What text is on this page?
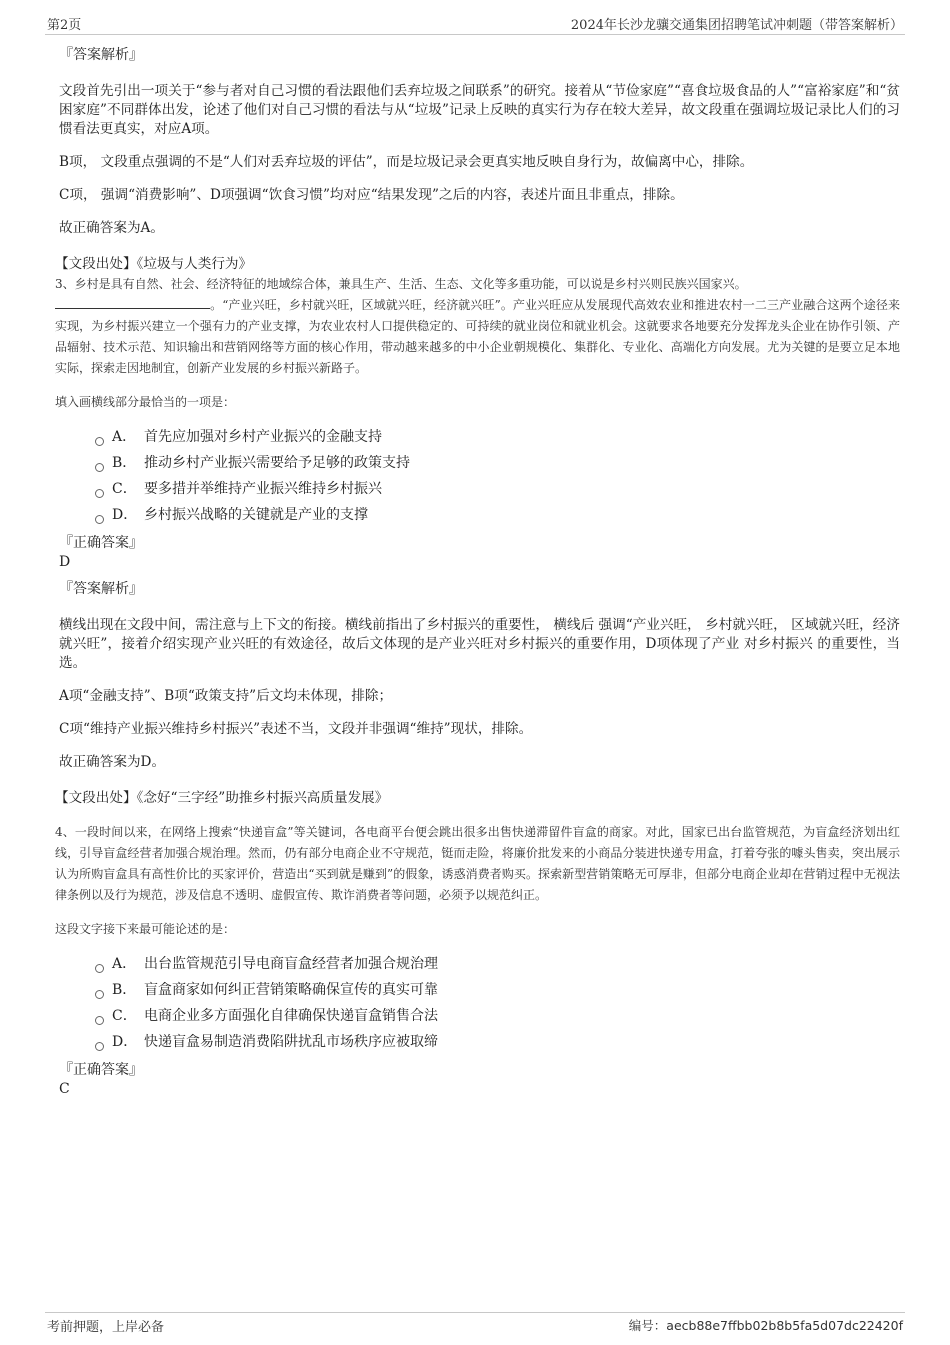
第2页	2024年长沙龙骧交通集团招聘笔试冲刺题（带答案解析）
『答案解析』

文段首先引出一项关于“参与者对自己习惯的看法跟他们丢弃垃圾之间联系”的研究。接着从“节俭家庭”“喜食垃圾食品的人”“富裕家庭”和“贫困家庭”不同群体出发，论述了他们对自己习惯的看法与从“垃圾”记录上反映的真实行为存在较大差异，故文段重在强调垃圾记录比人们的习惯看法更真实，对应A项。

B项， 文段重点强调的不是“人们对丢弃垃圾的评估”，而是垃圾记录会更真实地反映自身行为，故偏离中心，排除。

C项， 强调“消费影响”、D项强调“饮食习惯”均对应“结果发现”之后的内容，表述片面且非重点，排除。

故正确答案为A。

【文段出处】《垃圾与人类行为》

3、乡村是具有自然、社会、经济特征的地域综合体，兼具生产、生活、生态、文化等多重功能，可以说是乡村兴则民族兴国家兴。
。“产业兴旺，乡村就兴旺，区域就兴旺，经济就兴旺”。产业兴旺应从发展现代高效农业和推进农村一二三产业融合这两个途径来实现，为乡村振兴建立一个强有力的产业支撑，为农业农村人口提供稳定的、可持续的就业岗位和就业机会。这就要求各地要充分发挥龙头企业在协作引领、产品辐射、技术示范、知识输出和营销网络等方面的核心作用，带动越来越多的中小企业朝规模化、集群化、专业化、高端化方向发展。尤为关键的是要立足本地实际，探索走因地制宜，创新产业发展的乡村振兴新路子。

填入画横线部分最恰当的一项是：

A． 首先应加强对乡村产业振兴的金融支持
B． 推动乡村产业振兴需要给予足够的政策支持
C． 要多措并举维持产业振兴维持乡村振兴
D． 乡村振兴战略的关键就是产业的支撑
『正确答案』
D
『答案解析』

横线出现在文段中间，需注意与上下文的衔接。横线前指出了乡村振兴的重要性， 横线后 强调“产业兴旺， 乡村就兴旺， 区域就兴旺，经济就兴旺”，接着介绍实现产业兴旺的有效途径，故后文体现的是产业兴旺对乡村振兴的重要作用，D项体现了产业 对乡村振兴 的重要性，当选。

A项“金融支持”、B项“政策支持”后文均未体现，排除；

C项“维持产业振兴维持乡村振兴”表述不当，文段并非强调“维持”现状，排除。

故正确答案为D。

【文段出处】《念好“三字经”助推乡村振兴高质量发展》

4、一段时间以来，在网络上搜索“快递盲盒”等关键词，各电商平台便会跳出很多出售快递滞留件盲盒的商家。对此，国家已出台监管规范，为盲盒经济划出红线，引导盲盒经营者加强合规治理。然而，仍有部分电商企业不守规范，铤而走险，将廉价批发来的小商品分装进快递专用盒，打着夸张的噱头售卖，突出展示认为所购盲盒具有高性价比的买家评价，营造出“买到就是赚到”的假象，诱惑消费者购买。探索新型营销策略无可厚非，但部分电商企业却在营销过程中无视法律条例以及行为规范，涉及信息不透明、虚假宣传、欺诈消费者等问题，必须予以规范纠正。

这段文字接下来最可能论述的是：

A． 出台监管规范引导电商盲盒经营者加强合规治理
B． 盲盒商家如何纠正营销策略确保宣传的真实可靠
C． 电商企业多方面强化自律确保快递盲盒销售合法
D． 快递盲盒易制造消费陷阱扰乱市场秩序应被取缔
『正确答案』
C
考前押题，上岸必备	编号：aecb88e7ffbb02b8b5fa5d07dc22420f
